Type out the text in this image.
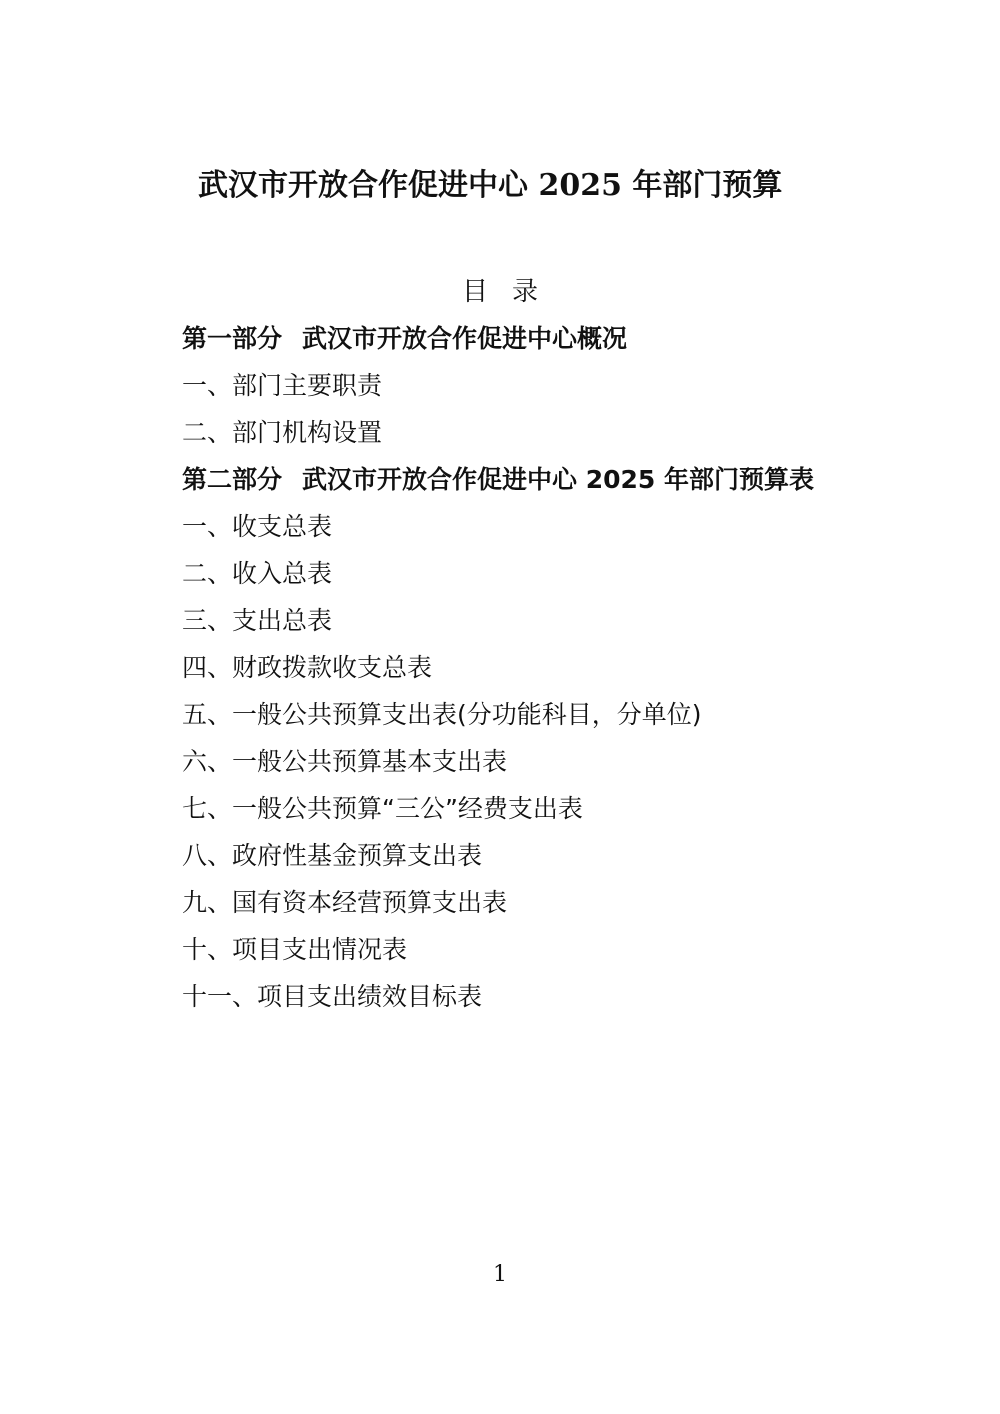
武汉市开放合作促进中心 2025 年部门预算
目录
第一部分 武汉市开放合作促进中心概况
一、部门主要职责
二、部门机构设置
第二部分 武汉市开放合作促进中心 2025 年部门预算表
一、收支总表
二、收入总表
三、支出总表
四、财政拨款收支总表
五、一般公共预算支出表(分功能科目，分单位)
六、一般公共预算基本支出表
七、一般公共预算“三公”经费支出表
八、政府性基金预算支出表
九、国有资本经营预算支出表
十、项目支出情况表
十一、项目支出绩效目标表
1
